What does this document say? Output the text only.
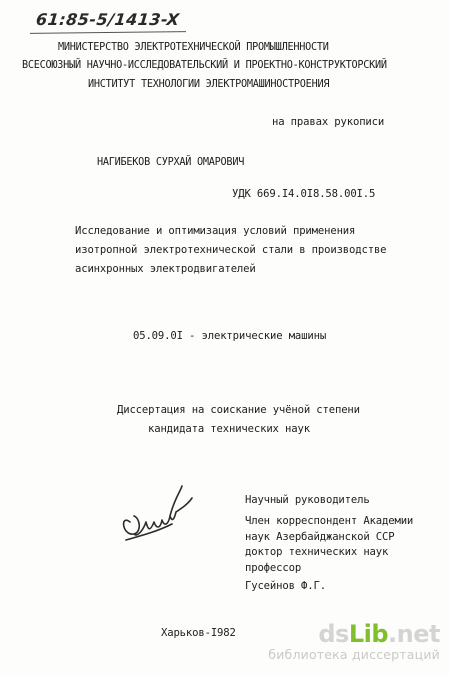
61:85-5/1413-X
МИНИСТЕРСТВО ЭЛЕКТРОТЕХНИЧЕСКОЙ ПРОМЫШЛЕННОСТИ
ВСЕСОЮЗНЫЙ НАУЧНО-ИССЛЕДОВАТЕЛЬСКИЙ И ПРОЕКТНО-КОНСТРУКТОРСКИЙ
ИНСТИТУТ ТЕХНОЛОГИИ ЭЛЕКТРОМАШИНОСТРОЕНИЯ
на правах рукописи
НАГИБЕКОВ СУРХАЙ ОМАРОВИЧ
УДК 669.I4.0I8.58.00I.5
Исследование и оптимизация условий применения
изотропной электротехнической стали в производстве
асинхронных электродвигателей
05.09.0I - электрические машины
Диссертация на соискание учёной степени
кандидата технических наук
Научный руководитель
Член корреспондент Академии
наук Азербайджанской ССР
доктор технических наук
профессор
Гусейнов Ф.Г.
Харьков-I982	dsLib.net
библиотека диссертаций
